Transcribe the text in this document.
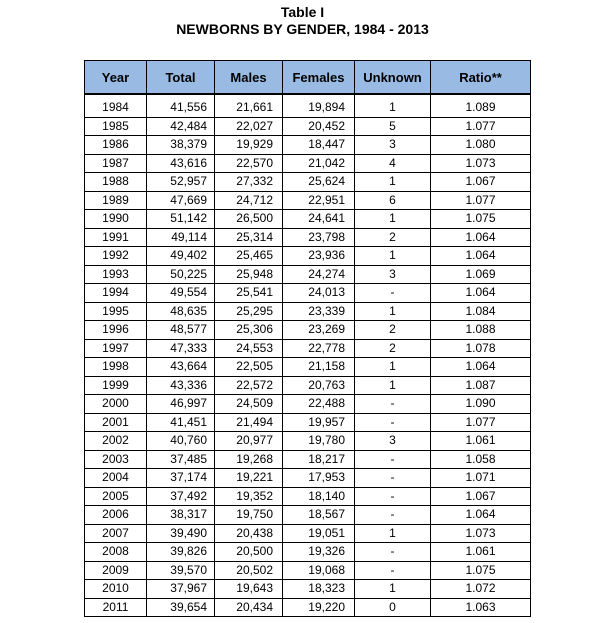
Table I
NEWBORNS BY GENDER, 1984 - 2013
Year	Total	Males	Females	Unknown	Ratio**

1984	41,556	21,661	19,894	1	1.089
1985	42,484	22,027	20,452	5	1.077
1986	38,379	19,929	18,447	3	1.080
1987	43,616	22,570	21,042	4	1.073
1988	52,957	27,332	25,624	1	1.067
1989	47,669	24,712	22,951	6	1.077
1990	51,142	26,500	24,641	1	1.075
1991	49,114	25,314	23,798	2	1.064
1992	49,402	25,465	23,936	1	1.064
1993	50,225	25,948	24,274	3	1.069
1994	49,554	25,541	24,013	-	1.064
1995	48,635	25,295	23,339	1	1.084
1996	48,577	25,306	23,269	2	1.088
1997	47,333	24,553	22,778	2	1.078
1998	43,664	22,505	21,158	1	1.064
1999	43,336	22,572	20,763	1	1.087
2000	46,997	24,509	22,488	-	1.090
2001	41,451	21,494	19,957	-	1.077
2002	40,760	20,977	19,780	3	1.061
2003	37,485	19,268	18,217	-	1.058
2004	37,174	19,221	17,953	-	1.071
2005	37,492	19,352	18,140	-	1.067
2006	38,317	19,750	18,567	-	1.064
2007	39,490	20,438	19,051	1	1.073
2008	39,826	20,500	19,326	-	1.061
2009	39,570	20,502	19,068	-	1.075
2010	37,967	19,643	18,323	1	1.072
2011	39,654	20,434	19,220	0	1.063
